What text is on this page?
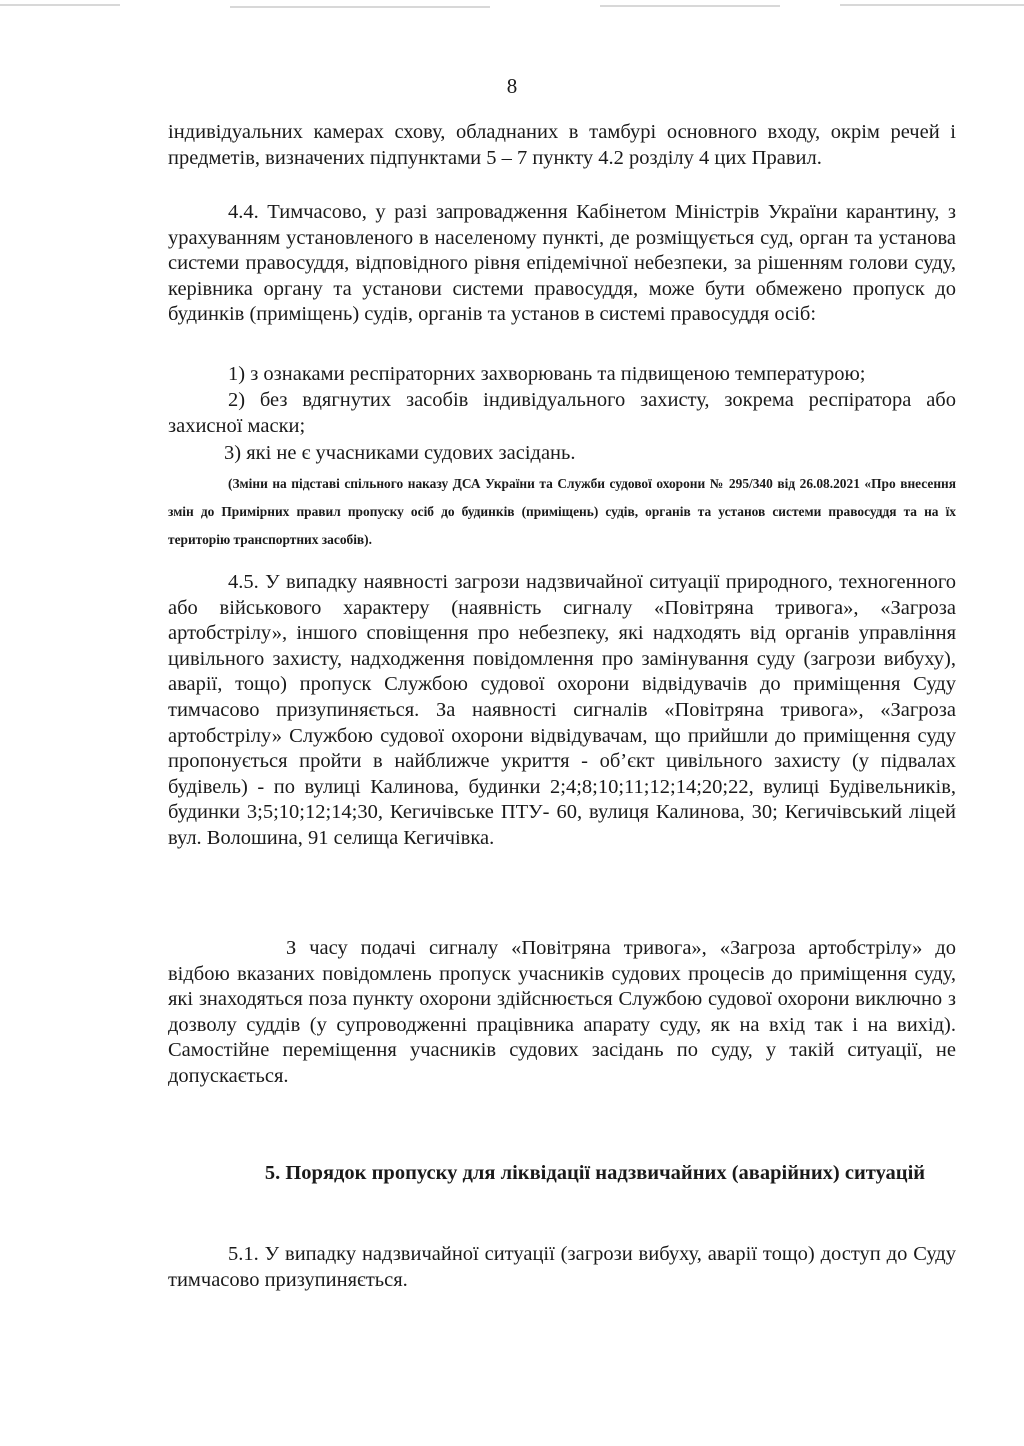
8

індивідуальних камерах схову, обладнаних в тамбурі основного входу, окрім речей і предметів, визначених підпунктами 5 – 7 пункту 4.2 розділу 4 цих Правил.

4.4. Тимчасово, у разі запровадження Кабінетом Міністрів України карантину, з урахуванням установленого в населеному пункті, де розміщується суд, орган та установа системи правосуддя, відповідного рівня епідемічної небезпеки, за рішенням голови суду, керівника органу та установи системи правосуддя, може бути обмежено пропуск до будинків (приміщень) судів, органів та установ в системі правосуддя осіб:

1) з ознаками респіраторних захворювань та підвищеною температурою;

2) без вдягнутих засобів індивідуального захисту, зокрема респіратора або захисної маски;

3) які не є учасниками судових засідань.

(Зміни на підставі спільного наказу ДСА України та Служби судової охорони № 295/340 від 26.08.2021 «Про внесення змін до Примірних правил пропуску осіб до будинків (приміщень) судів, органів та установ системи правосуддя та на їх територію транспортних засобів).

4.5. У випадку наявності загрози надзвичайної ситуації природного, техногенного або військового характеру (наявність сигналу «Повітряна тривога», «Загроза артобстрілу», іншого сповіщення про небезпеку, які надходять від органів управління цивільного захисту, надходження повідомлення про замінування суду (загрози вибуху), аварії, тощо) пропуск Службою судової охорони відвідувачів до приміщення Суду тимчасово призупиняється. За наявності сигналів «Повітряна тривога», «Загроза артобстрілу» Службою судової охорони відвідувачам, що прийшли до приміщення суду пропонується пройти в найближче укриття - об’єкт цивільного захисту (у підвалах будівель) - по вулиці Калинова, будинки 2;4;8;10;11;12;14;20;22, вулиці Будівельників, будинки 3;5;10;12;14;30, Кегичівське ПТУ- 60, вулиця Калинова, 30; Кегичівський ліцей вул. Волошина, 91 селища Кегичівка.

З часу подачі сигналу «Повітряна тривога», «Загроза артобстрілу» до відбою вказаних повідомлень пропуск учасників судових процесів до приміщення суду, які знаходяться поза пункту охорони здійснюється Службою судової охорони виключно з дозволу суддів (у супроводженні працівника апарату суду, як на вхід так і на вихід). Самостійне переміщення учасників судових засідань по суду, у такій ситуації, не допускається.

5. Порядок пропуску для ліквідації надзвичайних (аварійних) ситуацій

5.1. У випадку надзвичайної ситуації (загрози вибуху, аварії тощо) доступ до Суду тимчасово призупиняється.
